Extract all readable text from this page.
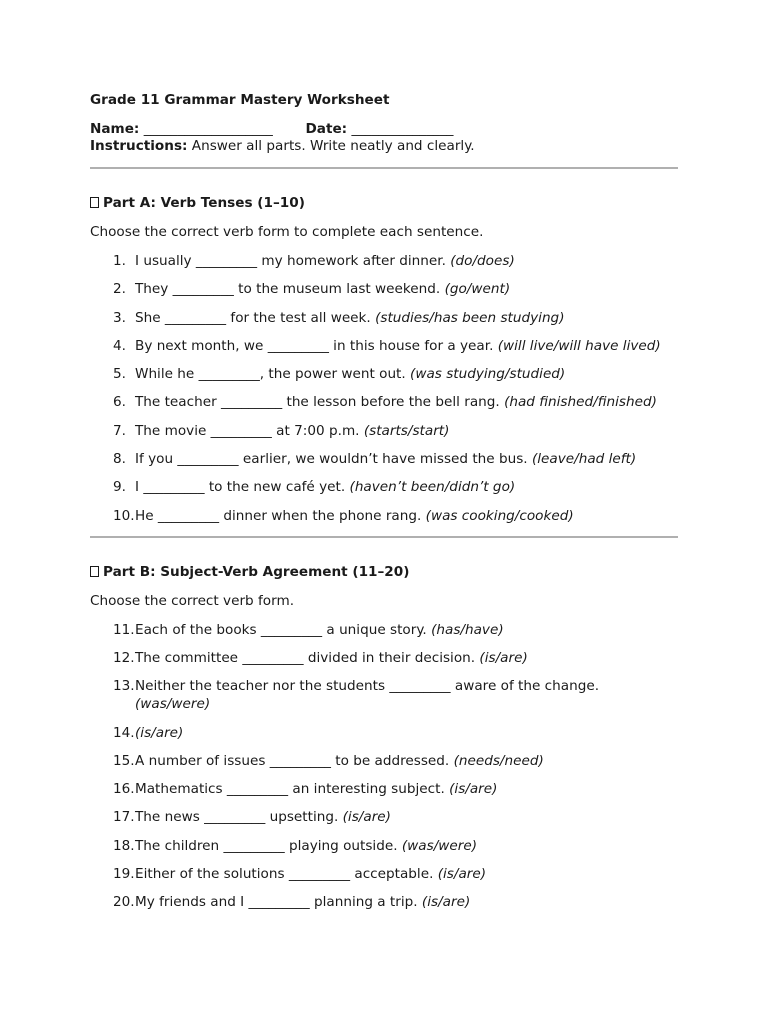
Grade 11 Grammar Mastery Worksheet
Name: ___________________ Date: _______________
Instructions: Answer all parts. Write neatly and clearly.
Part A: Verb Tenses (1–10)
Choose the correct verb form to complete each sentence.
1. I usually _________ my homework after dinner. (do/does)
2. They _________ to the museum last weekend. (go/went)
3. She _________ for the test all week. (studies/has been studying)
4. By next month, we _________ in this house for a year. (will live/will have lived)
5. While he _________, the power went out. (was studying/studied)
6. The teacher _________ the lesson before the bell rang. (had finished/finished)
7. The movie _________ at 7:00 p.m. (starts/start)
8. If you _________ earlier, we wouldn’t have missed the bus. (leave/had left)
9. I _________ to the new café yet. (haven’t been/didn’t go)
10. He _________ dinner when the phone rang. (was cooking/cooked)
Part B: Subject-Verb Agreement (11–20)
Choose the correct verb form.
11. Each of the books _________ a unique story. (has/have)
12. The committee _________ divided in their decision. (is/are)
13. Neither the teacher nor the students _________ aware of the change. (was/were)
14. (is/are)
15. A number of issues _________ to be addressed. (needs/need)
16. Mathematics _________ an interesting subject. (is/are)
17. The news _________ upsetting. (is/are)
18. The children _________ playing outside. (was/were)
19. Either of the solutions _________ acceptable. (is/are)
20. My friends and I _________ planning a trip. (is/are)
